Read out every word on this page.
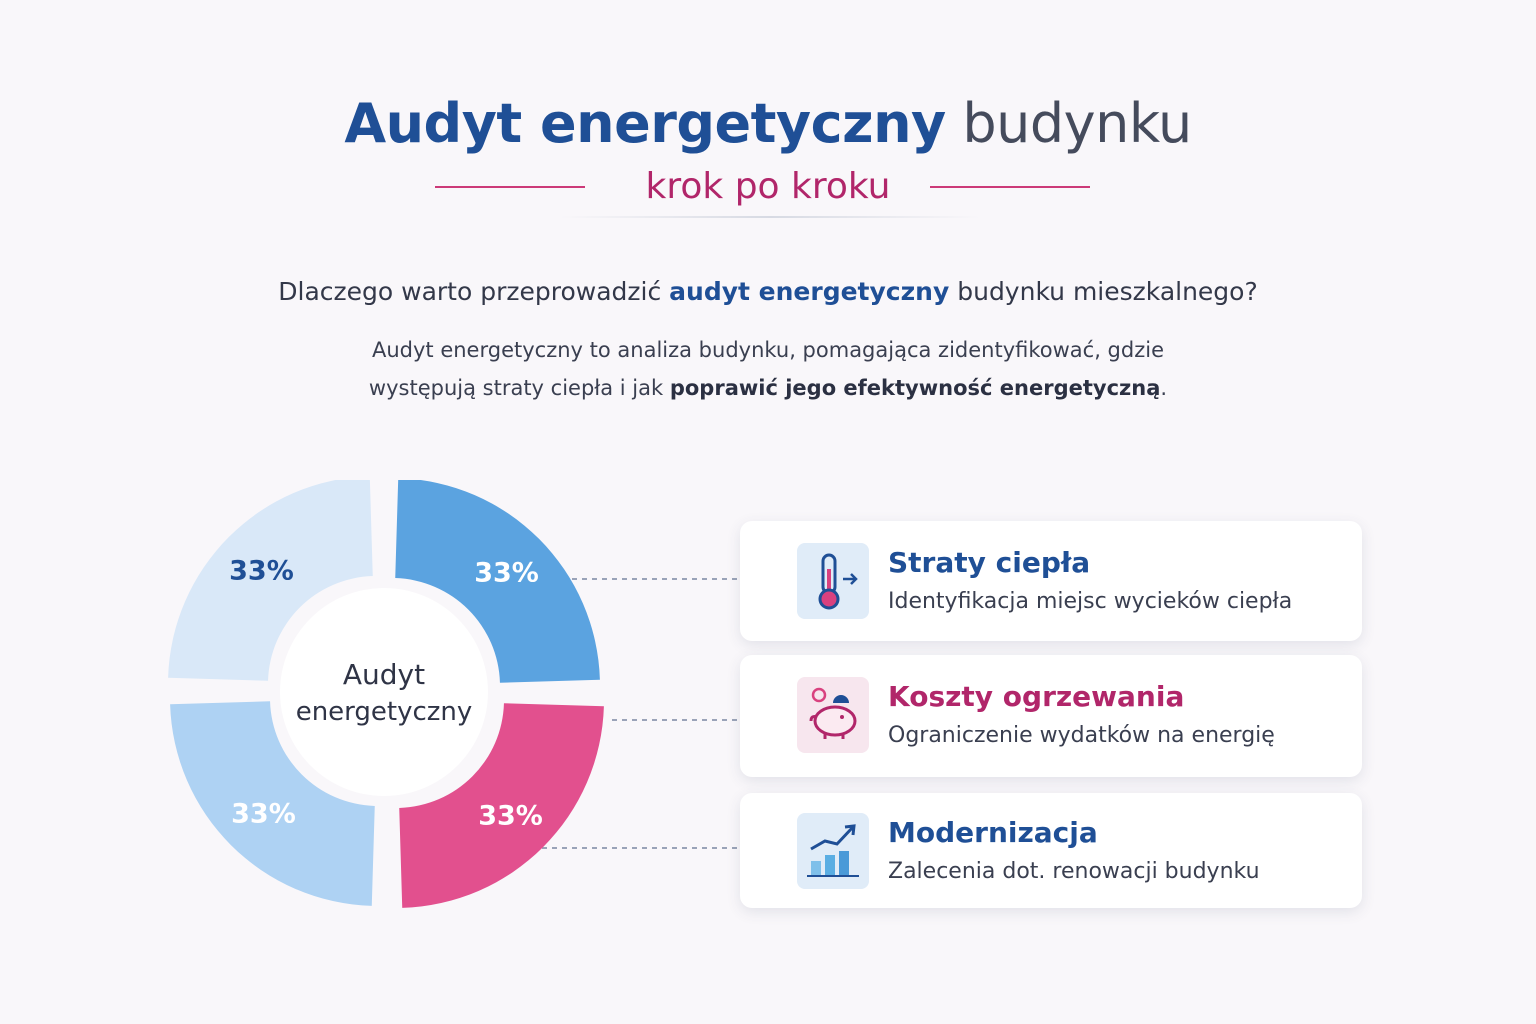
Audyt energetyczny budynku
krok po kroku
Dlaczego warto przeprowadzić audyt energetyczny budynku mieszkalnego?
Audyt energetyczny to analiza budynku, pomagająca zidentyfikować, gdzie
występują straty ciepła i jak poprawić jego efektywność energetyczną.
33%
33%
33%
33%
Audyt
energetyczny
Straty ciepła
Identyfikacja miejsc wycieków ciepła
Koszty ogrzewania
Ograniczenie wydatków na energię
Modernizacja
Zalecenia dot. renowacji budynku
